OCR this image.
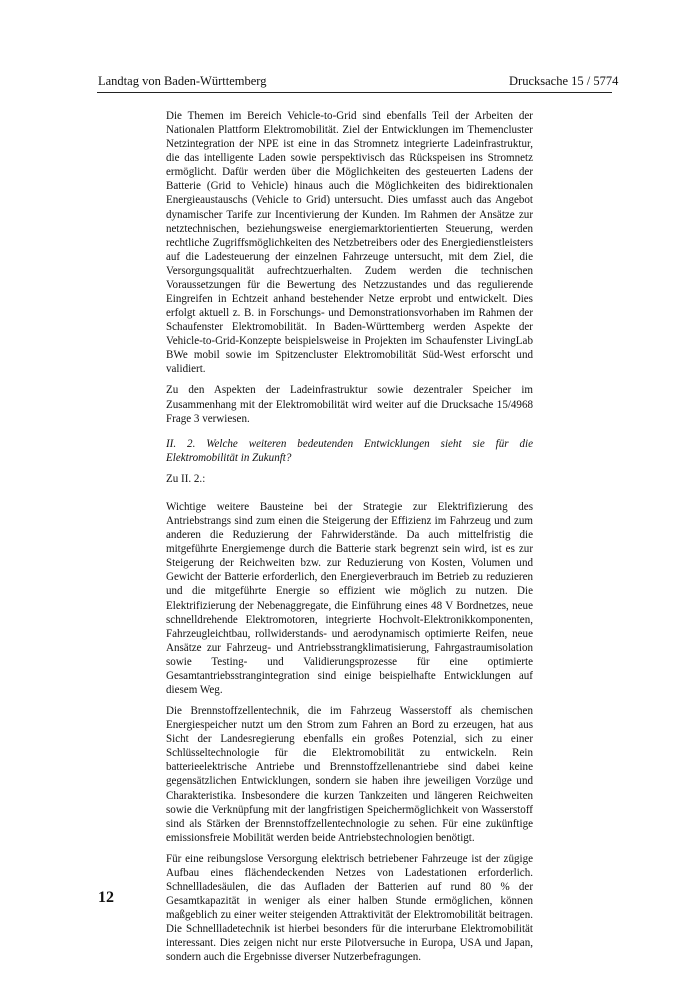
Landtag von Baden-Württemberg	Drucksache 15 / 5774

Die Themen im Bereich Vehicle-to-Grid sind ebenfalls Teil der Arbeiten der Nationalen Plattform Elektromobilität. Ziel der Entwicklungen im Themencluster Netzintegration der NPE ist eine in das Stromnetz integrierte Ladeinfrastruktur, die das intelligente Laden sowie perspektivisch das Rückspeisen ins Stromnetz ermöglicht. Dafür werden über die Möglichkeiten des gesteuerten Ladens der Batterie (Grid to Vehicle) hinaus auch die Möglichkeiten des bidirektionalen Energieaustauschs (Vehicle to Grid) untersucht. Dies umfasst auch das Angebot dynamischer Tarife zur Incentivierung der Kunden. Im Rahmen der Ansätze zur netztechnischen, beziehungsweise energiemarktorientierten Steuerung, werden rechtliche Zugriffsmöglichkeiten des Netzbetreibers oder des Energiedienstleisters auf die Ladesteuerung der einzelnen Fahrzeuge untersucht, mit dem Ziel, die Versorgungsqualität aufrechtzuerhalten. Zudem werden die technischen Voraussetzungen für die Bewertung des Netzzustandes und das regulierende Eingreifen in Echtzeit anhand bestehender Netze erprobt und entwickelt. Dies erfolgt aktuell z. B. in Forschungs- und Demonstrationsvorhaben im Rahmen der Schaufenster Elektromobilität. In Baden-Württemberg werden Aspekte der Vehicle-to-Grid-Konzepte beispielsweise in Projekten im Schaufenster LivingLab BWe mobil sowie im Spitzencluster Elektromobilität Süd-West erforscht und validiert.

Zu den Aspekten der Ladeinfrastruktur sowie dezentraler Speicher im Zusammenhang mit der Elektromobilität wird weiter auf die Drucksache 15/4968 Frage 3 verwiesen.

II. 2. Welche weiteren bedeutenden Entwicklungen sieht sie für die Elektromobilität in Zukunft?

Zu II. 2.:

Wichtige weitere Bausteine bei der Strategie zur Elektrifizierung des Antriebstrangs sind zum einen die Steigerung der Effizienz im Fahrzeug und zum anderen die Reduzierung der Fahrwiderstände. Da auch mittelfristig die mitgeführte Energiemenge durch die Batterie stark begrenzt sein wird, ist es zur Steigerung der Reichweiten bzw. zur Reduzierung von Kosten, Volumen und Gewicht der Batterie erforderlich, den Energieverbrauch im Betrieb zu reduzieren und die mitgeführte Energie so effizient wie möglich zu nutzen. Die Elektrifizierung der Nebenaggregate, die Einführung eines 48 V Bordnetzes, neue schnelldrehende Elektromotoren, integrierte Hochvolt-Elektronikkomponenten, Fahrzeugleichtbau, rollwiderstands- und aerodynamisch optimierte Reifen, neue Ansätze zur Fahrzeug- und Antriebsstrangklimatisierung, Fahrgastraumisolation sowie Testing- und Validierungsprozesse für eine optimierte Gesamtantriebsstrangintegration sind einige beispielhafte Entwicklungen auf diesem Weg.

Die Brennstoffzellentechnik, die im Fahrzeug Wasserstoff als chemischen Energiespeicher nutzt um den Strom zum Fahren an Bord zu erzeugen, hat aus Sicht der Landesregierung ebenfalls ein großes Potenzial, sich zu einer Schlüsseltechnologie für die Elektromobilität zu entwickeln. Rein batterieelektrische Antriebe und Brennstoffzellenantriebe sind dabei keine gegensätzlichen Entwicklungen, sondern sie haben ihre jeweiligen Vorzüge und Charakteristika. Insbesondere die kurzen Tankzeiten und längeren Reichweiten sowie die Verknüpfung mit der langfristigen Speichermöglichkeit von Wasserstoff sind als Stärken der Brennstoffzellentechnologie zu sehen. Für eine zukünftige emissionsfreie Mobilität werden beide Antriebstechnologien benötigt.

Für eine reibungslose Versorgung elektrisch betriebener Fahrzeuge ist der zügige Aufbau eines flächendeckenden Netzes von Ladestationen erforderlich. Schnellladesäulen, die das Aufladen der Batterien auf rund 80 % der Gesamtkapazität in weniger als einer halben Stunde ermöglichen, können maßgeblich zu einer weiter steigenden Attraktivität der Elektromobilität beitragen. Die Schnellladetechnik ist hierbei besonders für die interurbane Elektromobilität interessant. Dies zeigen nicht nur erste Pilotversuche in Europa, USA und Japan, sondern auch die Ergebnisse diverser Nutzerbefragungen.

12
